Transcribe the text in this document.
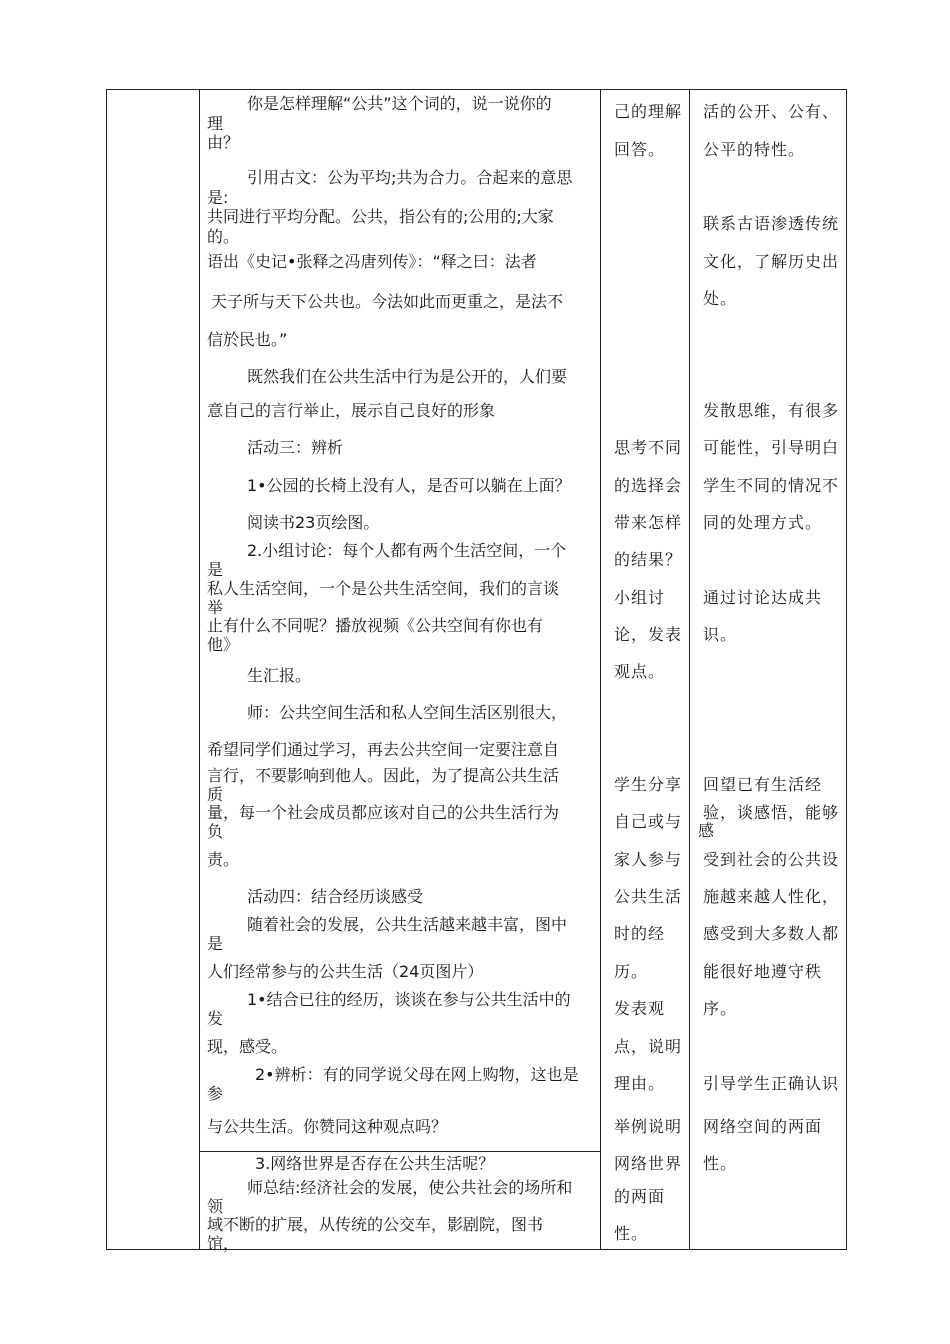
你是怎样理解“公共”这个词的，说一说你的
理
由？
引用古文：公为平均;共为合力。合起来的意思
是:
共同进行平均分配。公共，指公有的;公用的;大家
的。
语出《史记•张释之冯唐列传》：“释之曰：法者
天子所与天下公共也。今法如此而更重之，是法不
信於民也。”
既然我们在公共生活中行为是公开的，人们要
意自己的言行举止，展示自己良好的形象
活动三：辨析
1•公园的长椅上没有人，是否可以躺在上面？
阅读书23页绘图。
2.小组讨论：每个人都有两个生活空间，一个
是
私人生活空间，一个是公共生活空间，我们的言谈
举
止有什么不同呢？播放视频《公共空间有你也有
他》
生汇报。
师：公共空间生活和私人空间生活区别很大，
希望同学们通过学习，再去公共空间一定要注意自
言行，不要影响到他人。因此，为了提高公共生活
质
量，每一个社会成员都应该对自己的公共生活行为
负
责。
活动四：结合经历谈感受
随着社会的发展，公共生活越来越丰富，图中
是
人们经常参与的公共生活（24页图片）
1•结合已往的经历，谈谈在参与公共生活中的
发
现，感受。
2•辨析：有的同学说父母在网上购物，这也是
参
与公共生活。你赞同这种观点吗？
3.网络世界是否存在公共生活呢？
师总结:经济社会的发展，使公共社会的场所和
领
域不断的扩展，从传统的公交车，影剧院，图书
馆，
己的理解
回答。
思考不同
的选择会
带来怎样
的结果？
小组讨
论，发表
观点。
学生分享
自己或与
家人参与
公共生活
时的经
历。
发表观
点，说明
理由。
举例说明
网络世界
的两面
性。
活的公开、公有、
公平的特性。
联系古语渗透传统
文化，了解历史出
处。
发散思维，有很多
可能性，引导明白
学生不同的情况不
同的处理方式。
通过讨论达成共
识。
回望已有生活经
验，谈感悟，能够
感
受到社会的公共设
施越来越人性化，
感受到大多数人都
能很好地遵守秩
序。
引导学生正确认识
网络空间的两面
性。
